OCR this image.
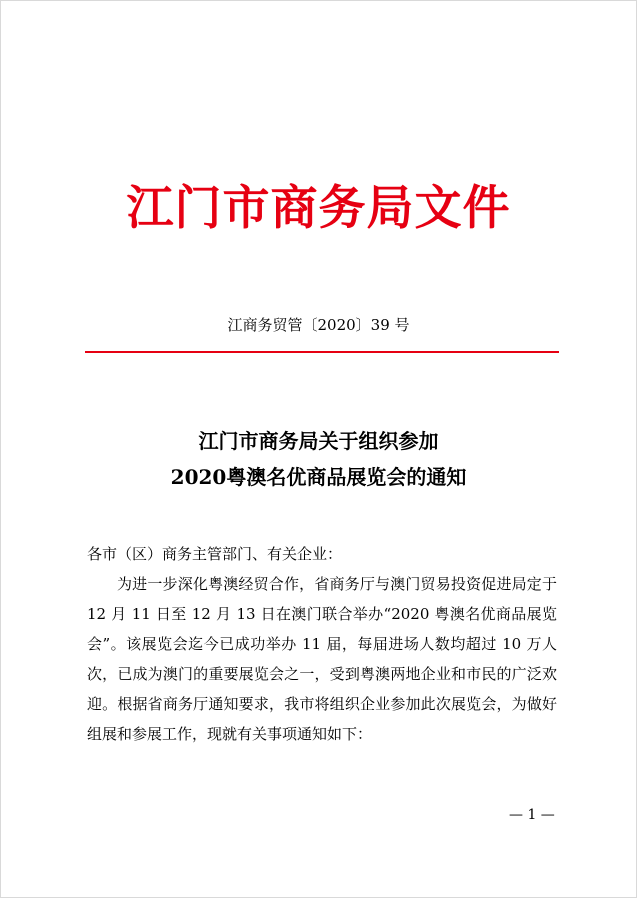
江门市商务局文件
江商务贸管〔2020〕39 号
江门市商务局关于组织参加
2020粤澳名优商品展览会的通知

各市（区）商务主管部门、有关企业：

为进一步深化粤澳经贸合作，省商务厅与澳门贸易投资促进局定于 12 月 11 日至 12 月 13 日在澳门联合举办“2020 粤澳名优商品展览会”。该展览会迄今已成功举办 11 届，每届进场人数均超过 10 万人次，已成为澳门的重要展览会之一，受到粤澳两地企业和市民的广泛欢迎。根据省商务厅通知要求，我市将组织企业参加此次展览会，为做好组展和参展工作，现就有关事项通知如下：

— 1 —
